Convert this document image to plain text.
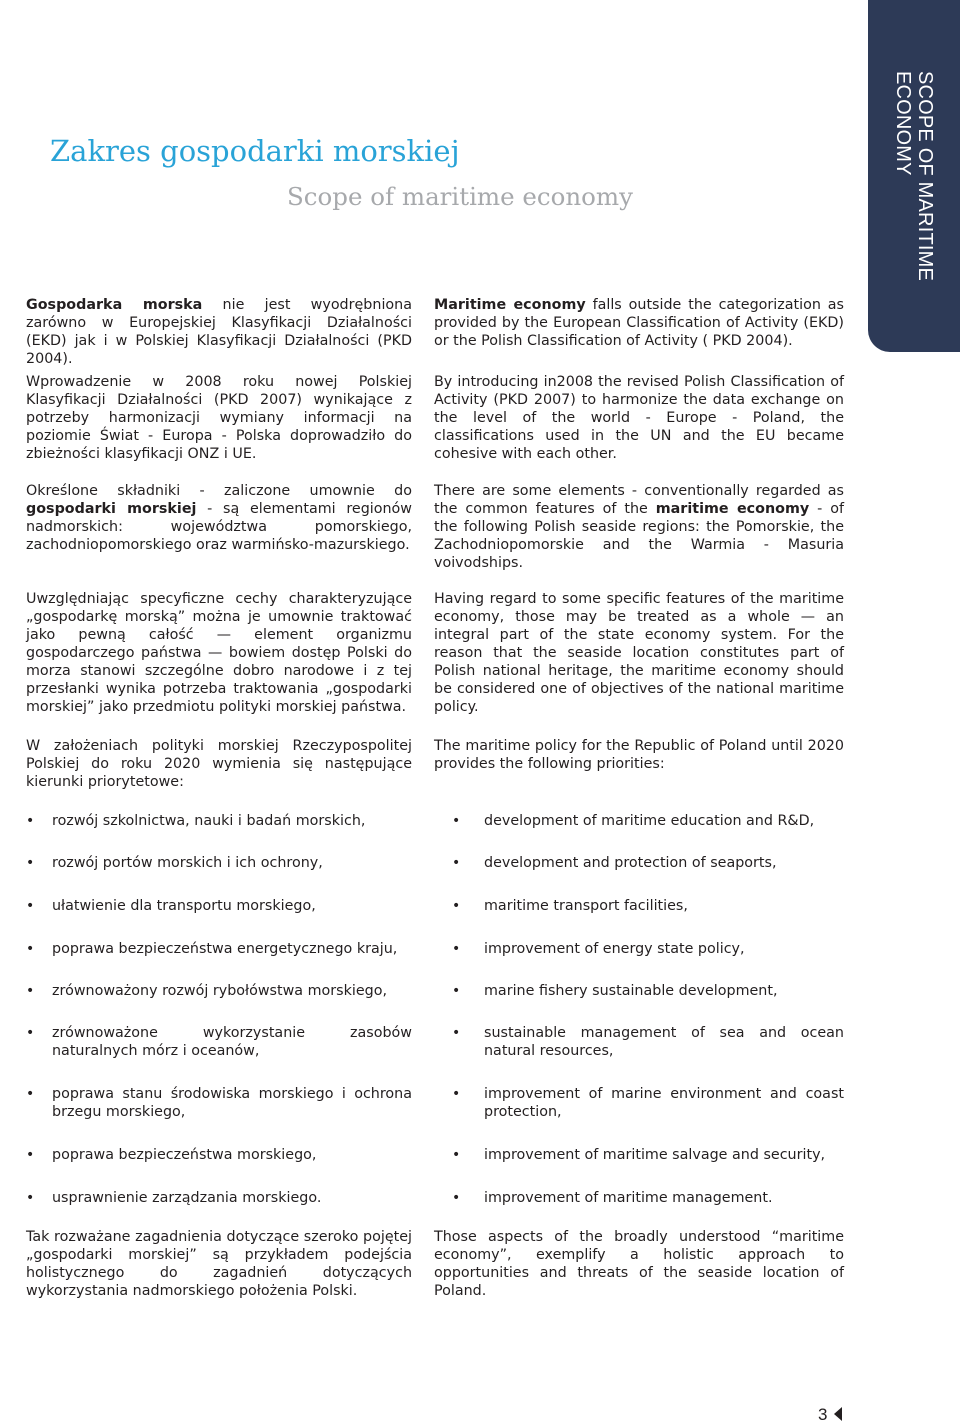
SCOPE OF MARITIME
ECONOMY
Zakres gospodarki morskiej
Scope of maritime economy

Gospodarka morska nie jest wyodrębniona zarówno w Europejskiej Klasyfikacji Działalności (EKD) jak i w Polskiej Klasyfikacji Działalności (PKD 2004).

Wprowadzenie w 2008 roku nowej Polskiej Klasyfikacji Działalności (PKD 2007) wynikające z potrzeby harmonizacji wymiany informacji na poziomie Świat - Europa - Polska doprowadziło do zbieżności klasyfikacji ONZ i UE.

Określone składniki - zaliczone umownie do gospodarki morskiej - są elementami regionów nadmorskich: województwa pomorskiego, zachodniopomorskiego oraz warmińsko-mazurskiego.

Uwzględniając specyficzne cechy charakteryzujące „gospodarkę morską” można je umownie traktować jako pewną całość — element organizmu gospodarczego państwa — bowiem dostęp Polski do morza stanowi szczególne dobro narodowe i z tej przesłanki wynika potrzeba traktowania „gospodarki morskiej” jako przedmiotu polityki morskiej państwa.

W założeniach polityki morskiej Rzeczypospolitej Polskiej do roku 2020 wymienia się następujące kierunki priorytetowe:

• rozwój szkolnictwa, nauki i badań morskich,
• rozwój portów morskich i ich ochrony,
• ułatwienie dla transportu morskiego,
• poprawa bezpieczeństwa energetycznego kraju,
• zrównoważony rozwój rybołówstwa morskiego,
• zrównoważone wykorzystanie zasobów naturalnych mórz i oceanów,
• poprawa stanu środowiska morskiego i ochrona brzegu morskiego,
• poprawa bezpieczeństwa morskiego,
• usprawnienie zarządzania morskiego.

Tak rozważane zagadnienia dotyczące szeroko pojętej „gospodarki morskiej” są przykładem podejścia holistycznego do zagadnień dotyczących wykorzystania nadmorskiego położenia Polski.

Maritime economy falls outside the categorization as provided by the European Classification of Activity (EKD) or the Polish Classification of Activity ( PKD 2004).

By introducing in2008 the revised Polish Classification of Activity (PKD 2007) to harmonize the data exchange on the level of the world - Europe - Poland, the classifications used in the UN and the EU became cohesive with each other.

There are some elements - conventionally regarded as the common features of the maritime economy - of the following Polish seaside regions: the Pomorskie, the Zachodniopomorskie and the Warmia - Masuria voivodships.

Having regard to some specific features of the maritime economy, those may be treated as a whole — an integral part of the state economy system. For the reason that the seaside location constitutes part of Polish national heritage, the maritime economy should be considered one of objectives of the national maritime policy.

The maritime policy for the Republic of Poland until 2020 provides the following priorities:

• development of maritime education and R&D,
• development and protection of seaports,
• maritime transport facilities,
• improvement of energy state policy,
• marine fishery sustainable development,
• sustainable management of sea and ocean natural resources,
• improvement of marine environment and coast protection,
• improvement of maritime salvage and security,
• improvement of maritime management.

Those aspects of the broadly understood “maritime economy”, exemplify a holistic approach to opportunities and threats of the seaside location of Poland.

3
